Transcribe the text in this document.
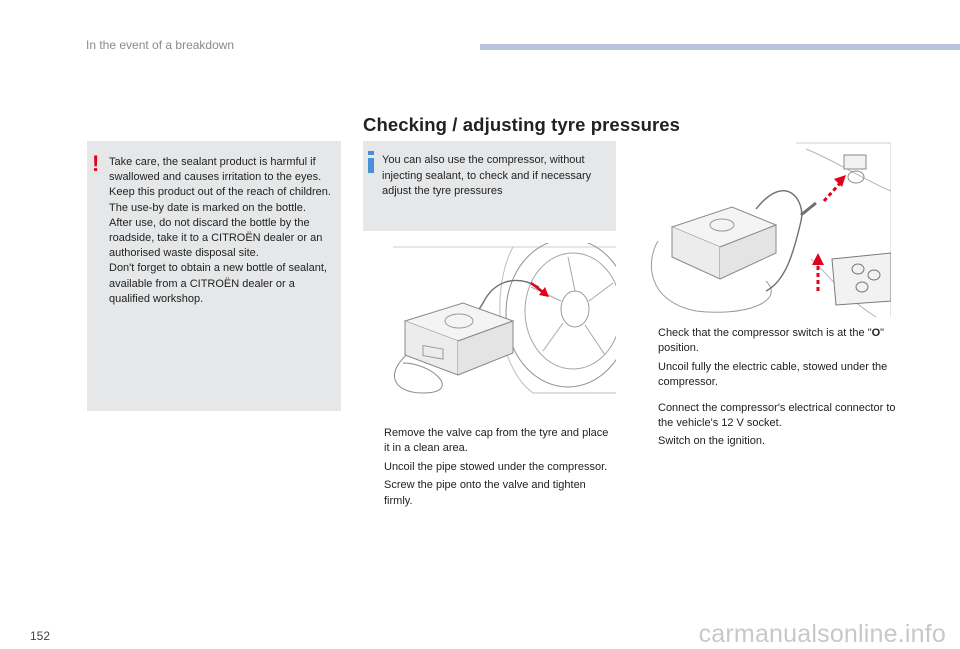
In the event of a breakdown
Checking / adjusting tyre pressures
! Take care, the sealant product is harmful if swallowed and causes irritation to the eyes.

Keep this product out of the reach of children.

The use-by date is marked on the bottle.

After use, do not discard the bottle by the roadside, take it to a CITROËN dealer or an authorised waste disposal site.

Don't forget to obtain a new bottle of sealant, available from a CITROËN dealer or a qualified workshop.

You can also use the compressor, without injecting sealant, to check and if necessary adjust the tyre pressures
Remove the valve cap from the tyre and place it in a clean area.
Uncoil the pipe stowed under the compressor.
Screw the pipe onto the valve and tighten firmly.
Check that the compressor switch is at the "O" position.
Uncoil fully the electric cable, stowed under the compressor.
Connect the compressor's electrical connector to the vehicle's 12 V socket.
Switch on the ignition.
152	carmanualsonline.info
